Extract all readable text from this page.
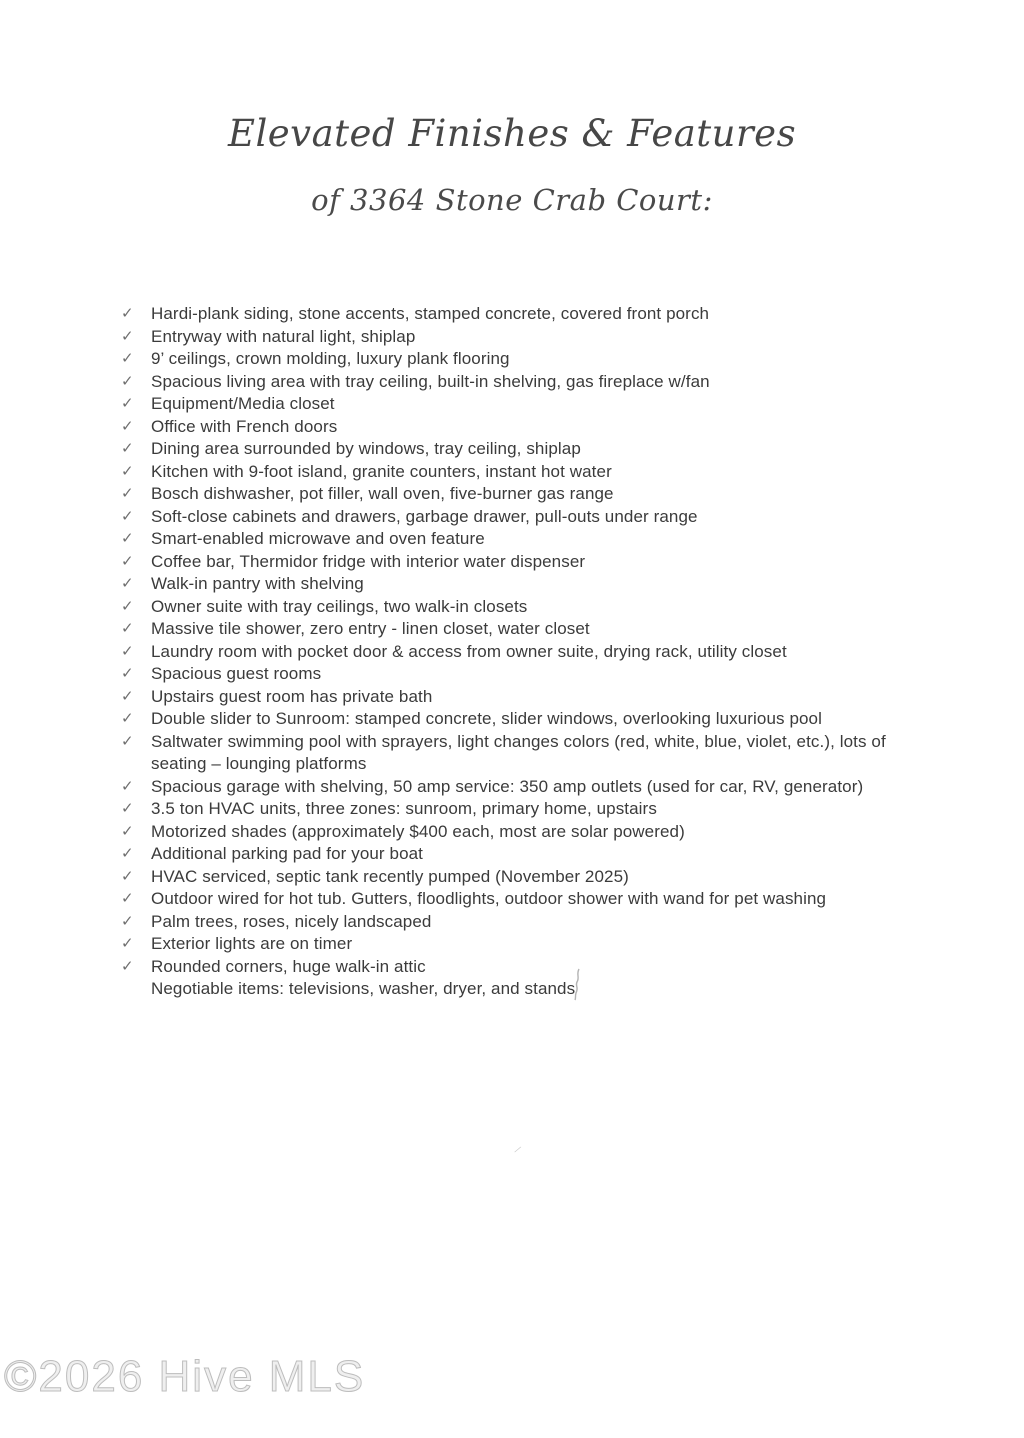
Elevated Finishes & Features
of 3364 Stone Crab Court:
✓	Hardi-plank siding, stone accents, stamped concrete, covered front porch
✓	Entryway with natural light, shiplap
✓	9’ ceilings, crown molding, luxury plank flooring
✓	Spacious living area with tray ceiling, built-in shelving, gas fireplace w/fan
✓	Equipment/Media closet
✓	Office with French doors
✓	Dining area surrounded by windows, tray ceiling, shiplap
✓	Kitchen with 9-foot island, granite counters, instant hot water
✓	Bosch dishwasher, pot filler, wall oven, five-burner gas range
✓	Soft-close cabinets and drawers, garbage drawer, pull-outs under range
✓	Smart-enabled microwave and oven feature
✓	Coffee bar, Thermidor fridge with interior water dispenser
✓	Walk-in pantry with shelving
✓	Owner suite with tray ceilings, two walk-in closets
✓	Massive tile shower, zero entry - linen closet, water closet
✓	Laundry room with pocket door & access from owner suite, drying rack, utility closet
✓	Spacious guest rooms
✓	Upstairs guest room has private bath
✓	Double slider to Sunroom: stamped concrete, slider windows, overlooking luxurious pool
✓	Saltwater swimming pool with sprayers, light changes colors (red, white, blue, violet, etc.), lots of seating – lounging platforms
✓	Spacious garage with shelving, 50 amp service: 350 amp outlets (used for car, RV, generator)
✓	3.5 ton HVAC units, three zones: sunroom, primary home, upstairs
✓	Motorized shades (approximately $400 each, most are solar powered)
✓	Additional parking pad for your boat
✓	HVAC serviced, septic tank recently pumped (November 2025)
✓	Outdoor wired for hot tub. Gutters, floodlights, outdoor shower with wand for pet washing
✓	Palm trees, roses, nicely landscaped
✓	Exterior lights are on timer
✓	Rounded corners, huge walk-in attic
Negotiable items: televisions, washer, dryer, and stands
⁄
©2026 Hive MLS
